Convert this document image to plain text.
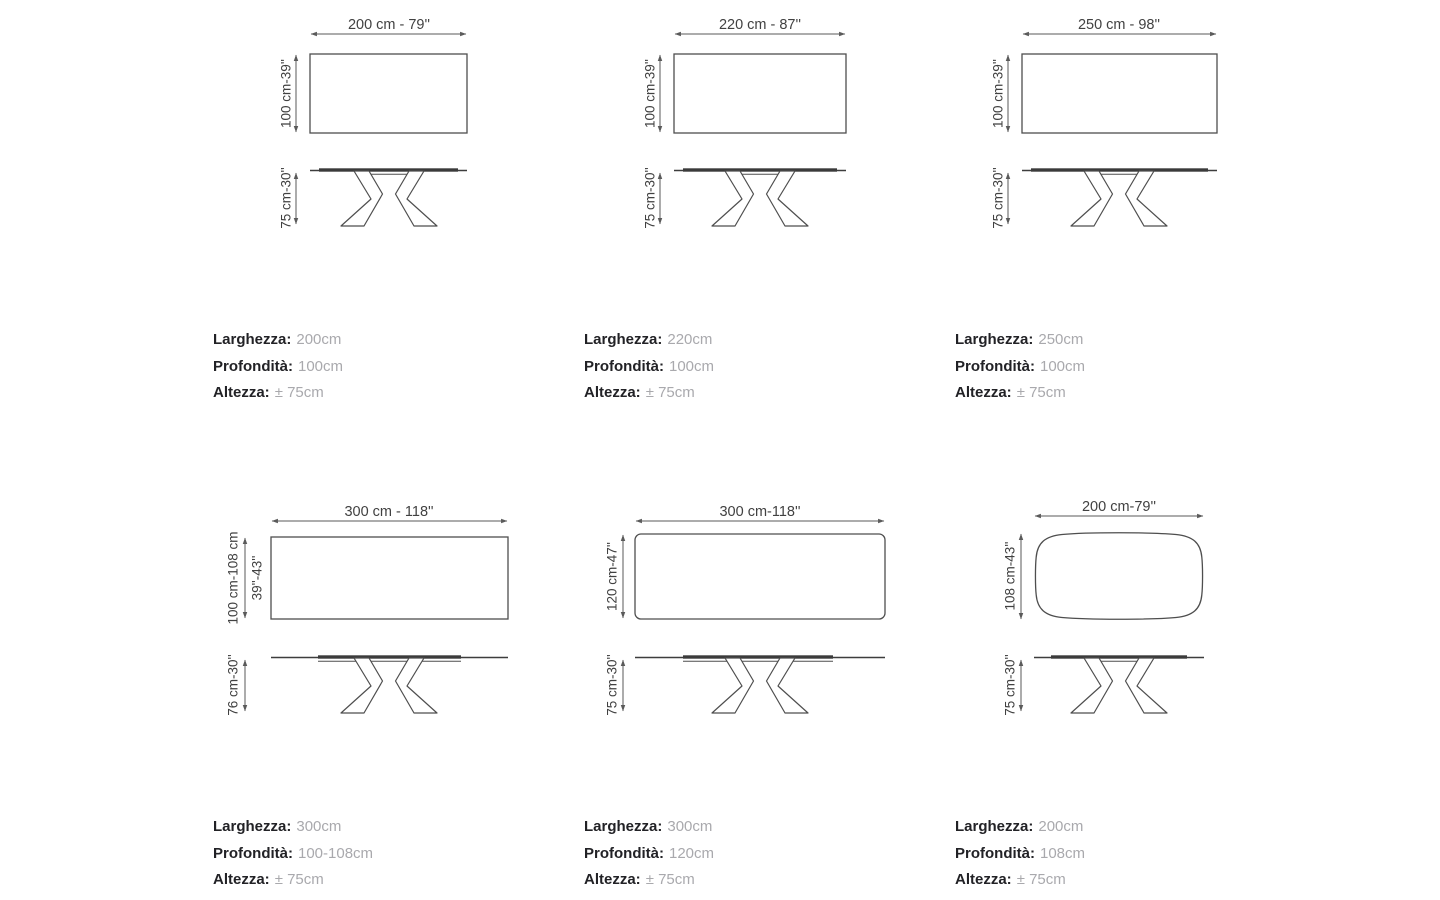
200 cm - 79''
100 cm-39''
75 cm-30''
220 cm - 87''
100 cm-39''
75 cm-30''
250 cm - 98''
100 cm-39''
75 cm-30''
300 cm - 118''
100 cm-108 cm 39''-43''
76 cm-30''
300 cm-118''
120 cm-47''
75 cm-30''
200 cm-79''
108 cm-43''
75 cm-30''
Larghezza: 200cm
Profondità: 100cm
Altezza: ± 75cm
Larghezza: 220cm
Profondità: 100cm
Altezza: ± 75cm
Larghezza: 250cm
Profondità: 100cm
Altezza: ± 75cm
Larghezza: 300cm
Profondità: 100-108cm
Altezza: ± 75cm
Larghezza: 300cm
Profondità: 120cm
Altezza: ± 75cm
Larghezza: 200cm
Profondità: 108cm
Altezza: ± 75cm
